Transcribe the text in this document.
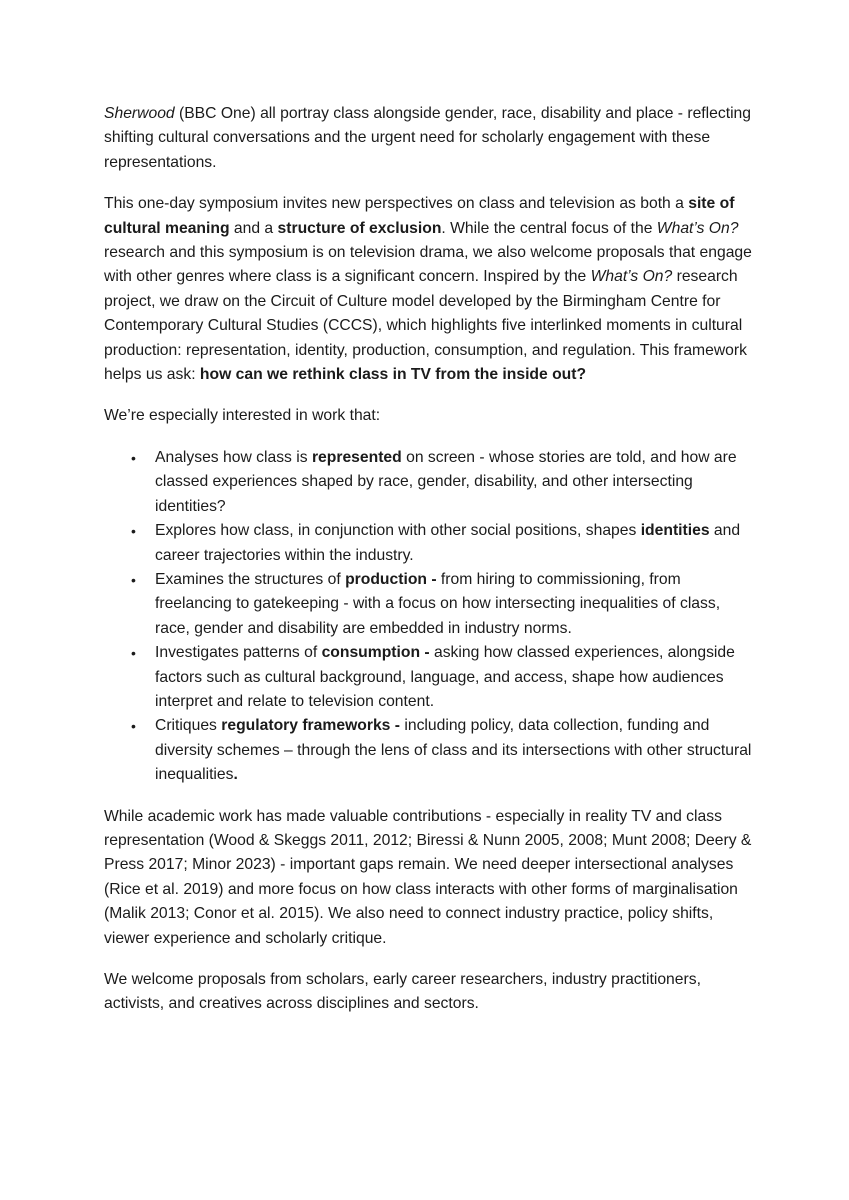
Sherwood (BBC One) all portray class alongside gender, race, disability and place - reflecting shifting cultural conversations and the urgent need for scholarly engagement with these representations.

This one-day symposium invites new perspectives on class and television as both a site of cultural meaning and a structure of exclusion. While the central focus of the What’s On? research and this symposium is on television drama, we also welcome proposals that engage with other genres where class is a significant concern. Inspired by the What’s On? research project, we draw on the Circuit of Culture model developed by the Birmingham Centre for Contemporary Cultural Studies (CCCS), which highlights five interlinked moments in cultural production: representation, identity, production, consumption, and regulation. This framework helps us ask: how can we rethink class in TV from the inside out?

We’re especially interested in work that:

• Analyses how class is represented on screen - whose stories are told, and how are classed experiences shaped by race, gender, disability, and other intersecting identities?
• Explores how class, in conjunction with other social positions, shapes identities and career trajectories within the industry.
• Examines the structures of production - from hiring to commissioning, from freelancing to gatekeeping - with a focus on how intersecting inequalities of class, race, gender and disability are embedded in industry norms.
• Investigates patterns of consumption - asking how classed experiences, alongside factors such as cultural background, language, and access, shape how audiences interpret and relate to television content.
• Critiques regulatory frameworks - including policy, data collection, funding and diversity schemes – through the lens of class and its intersections with other structural inequalities.

While academic work has made valuable contributions - especially in reality TV and class representation (Wood & Skeggs 2011, 2012; Biressi & Nunn 2005, 2008; Munt 2008; Deery & Press 2017; Minor 2023) - important gaps remain. We need deeper intersectional analyses (Rice et al. 2019) and more focus on how class interacts with other forms of marginalisation (Malik 2013; Conor et al. 2015). We also need to connect industry practice, policy shifts, viewer experience and scholarly critique.

We welcome proposals from scholars, early career researchers, industry practitioners, activists, and creatives across disciplines and sectors.
